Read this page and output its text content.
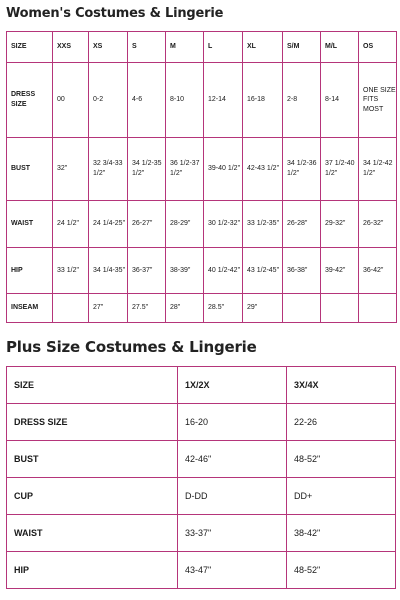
Women's Costumes & Lingerie
SIZE	XXS	XS	S	M	L	XL	S/M	M/L	OS
DRESS SIZE	00	0-2	4-6	8-10	12-14	16-18	2-8	8-14	ONE SIZE FITS MOST
BUST	32"	32 3/4-33 1/2"	34 1/2-35 1/2"	36 1/2-37 1/2"	39-40 1/2"	42-43 1/2"	34 1/2-36 1/2"	37 1/2-40 1/2"	34 1/2-42 1/2"
WAIST	24 1/2"	24 1/4-25"	26-27"	28-29"	30 1/2-32"	33 1/2-35"	26-28"	29-32"	26-32"
HIP	33 1/2"	34 1/4-35"	36-37"	38-39"	40 1/2-42"	43 1/2-45"	36-38"	39-42"	36-42"
INSEAM		27"	27.5"	28"	28.5"	29"			
Plus Size Costumes & Lingerie
SIZE	1X/2X	3X/4X
DRESS SIZE	16-20	22-26
BUST	42-46"	48-52"
CUP	D-DD	DD+
WAIST	33-37"	38-42"
HIP	43-47"	48-52"
